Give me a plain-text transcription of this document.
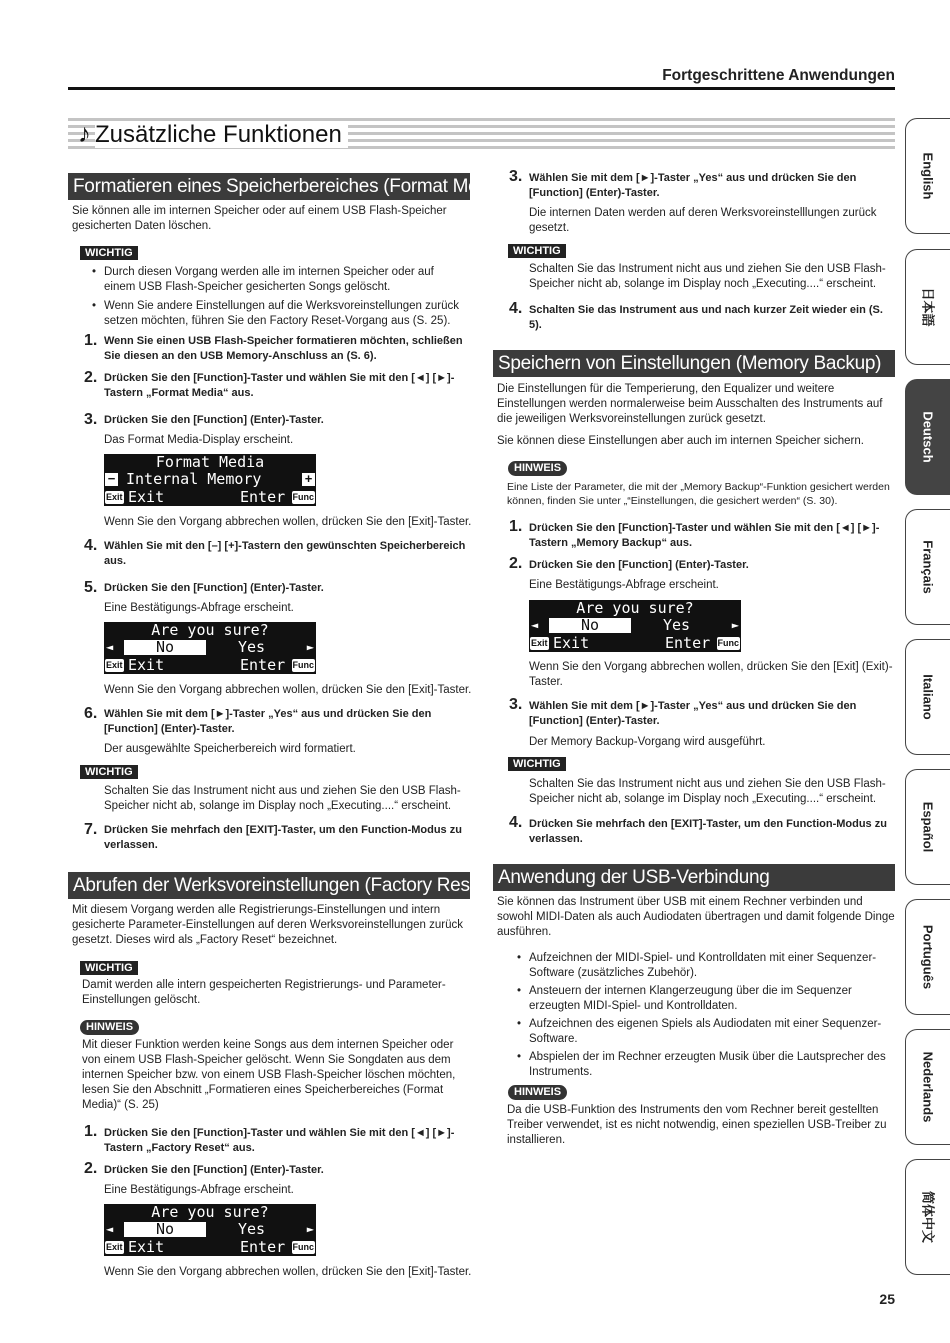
Fortgeschrittene Anwendungen
♪ Zusätzliche Funktionen
Formatieren eines Speicherbereiches (Format Media)
Sie können alle im internen Speicher oder auf einem USB Flash-Speicher gesicherten Daten löschen.
WICHTIG
• Durch diesen Vorgang werden alle im internen Speicher oder auf einem USB Flash-Speicher gesicherten Songs gelöscht.
• Wenn Sie andere Einstellungen auf die Werksvoreinstellungen zurück setzen möchten, führen Sie den Factory Reset-Vorgang aus (S. 25).
1. Wenn Sie einen USB Flash-Speicher formatieren möchten, schließen Sie diesen an den USB Memory-Anschluss an (S. 6).
2. Drücken Sie den [Function]-Taster und wählen Sie mit den [◄] [►]-Tastern „Format Media“ aus.
3. Drücken Sie den [Function] (Enter)-Taster.
Das Format Media-Display erscheint.
Format Media

−

Internal Memory

	+

Exit

Exit

	Enter

Func

Wenn Sie den Vorgang abbrechen wollen, drücken Sie den [Exit]-Taster.
4. Wählen Sie mit den [–] [+]-Tastern den gewünschten Speicherbereich aus.
5. Drücken Sie den [Function] (Enter)-Taster.
Eine Bestätigungs-Abfrage erscheint.
Are you sure?

◄

	No

	Yes

	►

Exit

Exit

	Enter

Func

Wenn Sie den Vorgang abbrechen wollen, drücken Sie den [Exit]-Taster.
6. Wählen Sie mit dem [►]-Taster „Yes“ aus und drücken Sie den [Function] (Enter)-Taster.
Der ausgewählte Speicherbereich wird formatiert.
WICHTIG
Schalten Sie das Instrument nicht aus und ziehen Sie den USB Flash-Speicher nicht ab, solange im Display noch „Executing....“ erscheint.
7. Drücken Sie mehrfach den [EXIT]-Taster, um den Function-Modus zu verlassen.
Abrufen der Werksvoreinstellungen (Factory Reset)
Mit diesem Vorgang werden alle Registrierungs-Einstellungen und intern gesicherte Parameter-Einstellungen auf deren Werksvoreinstellungen zurück gesetzt. Dieses wird als „Factory Reset“ bezeichnet.
WICHTIG
Damit werden alle intern gespeicherten Registrierungs- und Parameter-Einstellungen gelöscht.
HINWEIS
Mit dieser Funktion werden keine Songs aus dem internen Speicher oder von einem USB Flash-Speicher gelöscht. Wenn Sie Songdaten aus dem internen Speicher bzw. von einem USB Flash-Speicher löschen möchten, lesen Sie den Abschnitt „Formatieren eines Speicherbereiches (Format Media)“ (S. 25)
1. Drücken Sie den [Function]-Taster und wählen Sie mit den [◄] [►]-Tastern „Factory Reset“ aus.
2. Drücken Sie den [Function] (Enter)-Taster.
Eine Bestätigungs-Abfrage erscheint.
Are you sure?

◄

	No

	Yes

	►

Exit

Exit

	Enter

Func

Wenn Sie den Vorgang abbrechen wollen, drücken Sie den [Exit]-Taster.
3. Wählen Sie mit dem [►]-Taster „Yes“ aus und drücken Sie den [Function] (Enter)-Taster.
Die internen Daten werden auf deren Werksvoreinstelllungen zurück gesetzt.
WICHTIG
Schalten Sie das Instrument nicht aus und ziehen Sie den USB Flash-Speicher nicht ab, solange im Display noch „Executing....“ erscheint.
4. Schalten Sie das Instrument aus und nach kurzer Zeit wieder ein (S. 5).
Speichern von Einstellungen (Memory Backup)
Die Einstellungen für die Temperierung, den Equalizer und weitere Einstellungen werden normalerweise beim Ausschalten des Instruments auf die jeweiligen Werksvoreinstellungen zurück gesetzt.
Sie können diese Einstellungen aber auch im internen Speicher sichern.
HINWEIS
Eine Liste der Parameter, die mit der „Memory Backup“-Funktion gesichert werden können, finden Sie unter „“Einstellungen, die gesichert werden“ (S. 30).
1. Drücken Sie den [Function]-Taster und wählen Sie mit den [◄] [►]-Tastern „Memory Backup“ aus.
2. Drücken Sie den [Function] (Enter)-Taster.
Eine Bestätigungs-Abfrage erscheint.
Are you sure?

◄

	No

	Yes

	►

Exit

Exit

	Enter

Func

Wenn Sie den Vorgang abbrechen wollen, drücken Sie den [Exit] (Exit)-Taster.
3. Wählen Sie mit dem [►]-Taster „Yes“ aus und drücken Sie den [Function] (Enter)-Taster.
Der Memory Backup-Vorgang wird ausgeführt.
WICHTIG
Schalten Sie das Instrument nicht aus und ziehen Sie den USB Flash-Speicher nicht ab, solange im Display noch „Executing....“ erscheint.
4. Drücken Sie mehrfach den [EXIT]-Taster, um den Function-Modus zu verlassen.
Anwendung der USB-Verbindung
Sie können das Instrument über USB mit einem Rechner verbinden und sowohl MIDI-Daten als auch Audiodaten übertragen und damit folgende Dinge ausführen.
• Aufzeichnen der MIDI-Spiel- und Kontrolldaten mit einer Sequenzer-Software (zusätzliches Zubehör).
• Ansteuern der internen Klangerzeugung über die im Sequenzer erzeugten MIDI-Spiel- und Kontrolldaten.
• Aufzeichnen des eigenen Spiels als Audiodaten mit einer Sequenzer-Software.
• Abspielen der im Rechner erzeugten Musik über die Lautsprecher des Instruments.
HINWEIS
Da die USB-Funktion des Instruments den vom Rechner bereit gestellten Treiber verwendet, ist es nicht notwendig, einen speziellen USB-Treiber zu installieren.
English
日本語
Deutsch
Français
Italiano
Español
Português
Nederlands
简体中文
25
